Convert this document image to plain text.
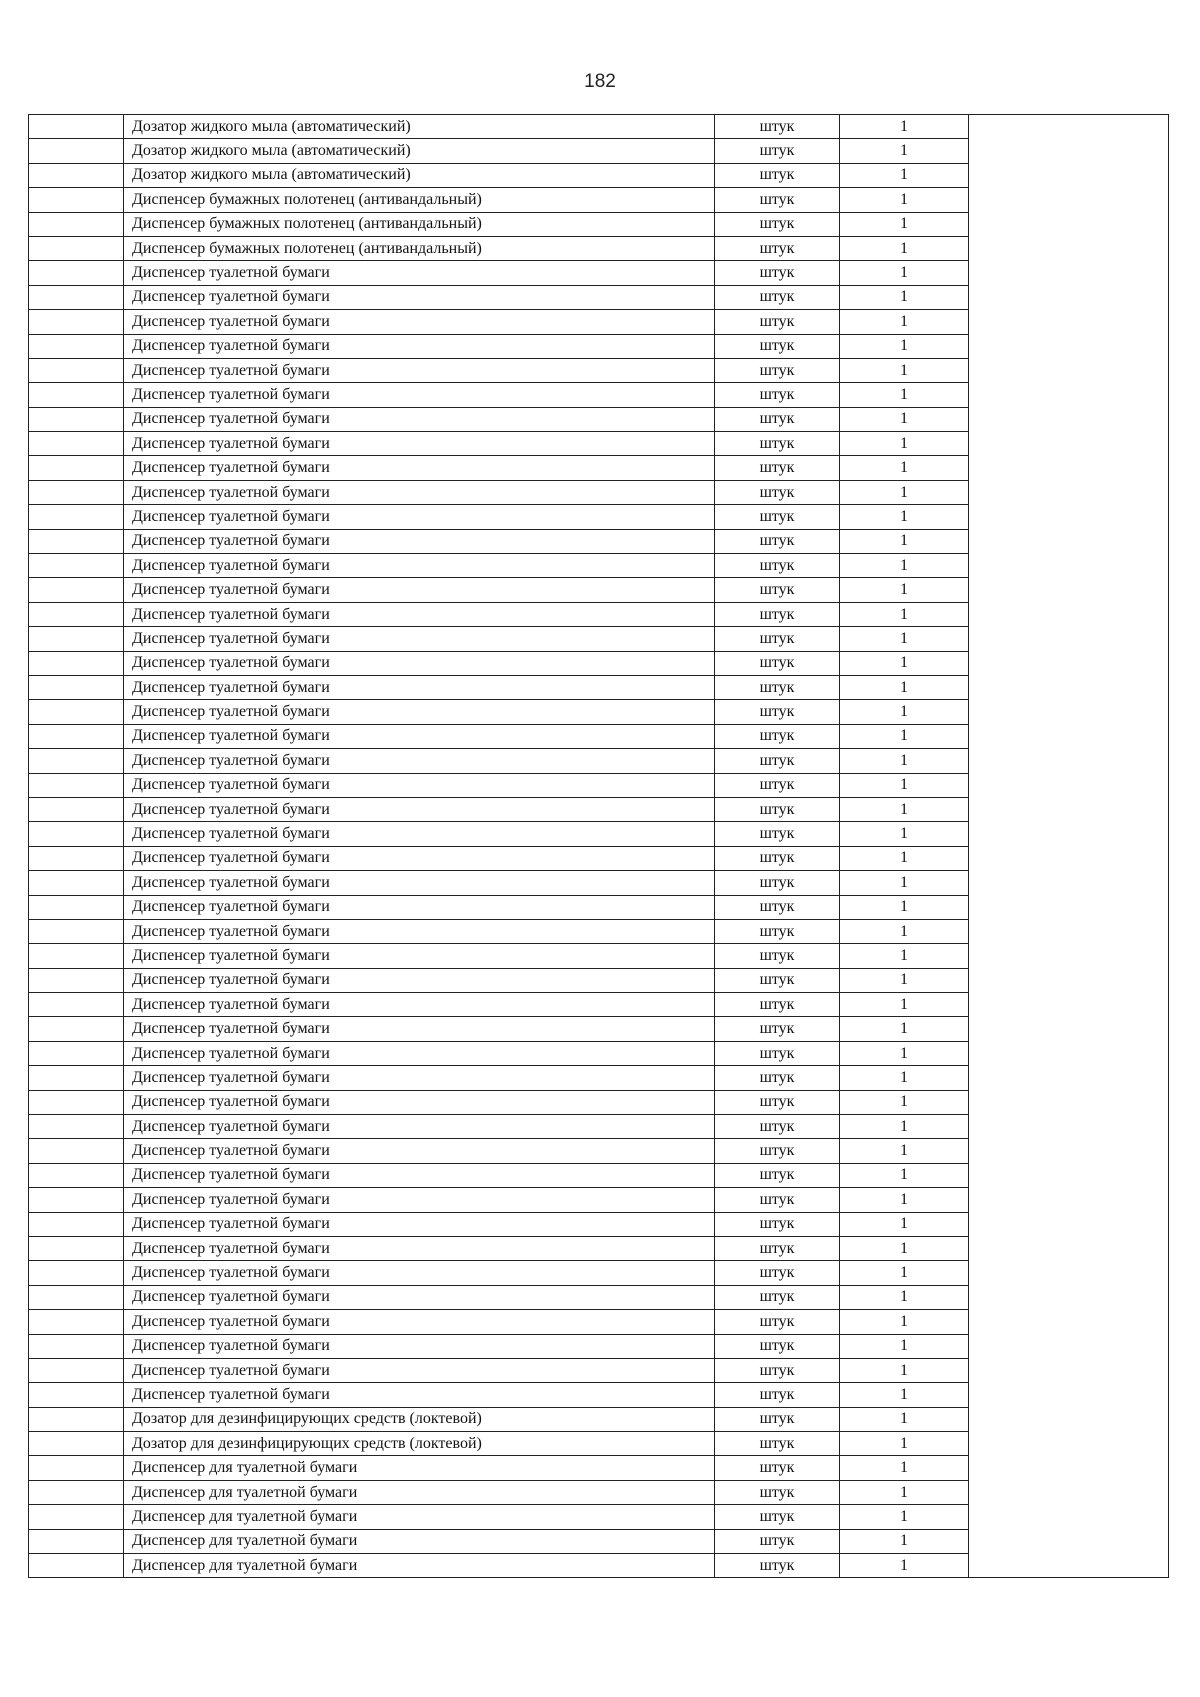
182
	Дозатор жидкого мыла (автоматический)	штук	1	
	Дозатор жидкого мыла (автоматический)	штук	1	
	Дозатор жидкого мыла (автоматический)	штук	1	
	Диспенсер бумажных полотенец (антивандальный)	штук	1	
	Диспенсер бумажных полотенец (антивандальный)	штук	1	
	Диспенсер бумажных полотенец (антивандальный)	штук	1	
	Диспенсер туалетной бумаги	штук	1	
	Диспенсер туалетной бумаги	штук	1	
	Диспенсер туалетной бумаги	штук	1	
	Диспенсер туалетной бумаги	штук	1	
	Диспенсер туалетной бумаги	штук	1	
	Диспенсер туалетной бумаги	штук	1	
	Диспенсер туалетной бумаги	штук	1	
	Диспенсер туалетной бумаги	штук	1	
	Диспенсер туалетной бумаги	штук	1	
	Диспенсер туалетной бумаги	штук	1	
	Диспенсер туалетной бумаги	штук	1	
	Диспенсер туалетной бумаги	штук	1	
	Диспенсер туалетной бумаги	штук	1	
	Диспенсер туалетной бумаги	штук	1	
	Диспенсер туалетной бумаги	штук	1	
	Диспенсер туалетной бумаги	штук	1	
	Диспенсер туалетной бумаги	штук	1	
	Диспенсер туалетной бумаги	штук	1	
	Диспенсер туалетной бумаги	штук	1	
	Диспенсер туалетной бумаги	штук	1	
	Диспенсер туалетной бумаги	штук	1	
	Диспенсер туалетной бумаги	штук	1	
	Диспенсер туалетной бумаги	штук	1	
	Диспенсер туалетной бумаги	штук	1	
	Диспенсер туалетной бумаги	штук	1	
	Диспенсер туалетной бумаги	штук	1	
	Диспенсер туалетной бумаги	штук	1	
	Диспенсер туалетной бумаги	штук	1	
	Диспенсер туалетной бумаги	штук	1	
	Диспенсер туалетной бумаги	штук	1	
	Диспенсер туалетной бумаги	штук	1	
	Диспенсер туалетной бумаги	штук	1	
	Диспенсер туалетной бумаги	штук	1	
	Диспенсер туалетной бумаги	штук	1	
	Диспенсер туалетной бумаги	штук	1	
	Диспенсер туалетной бумаги	штук	1	
	Диспенсер туалетной бумаги	штук	1	
	Диспенсер туалетной бумаги	штук	1	
	Диспенсер туалетной бумаги	штук	1	
	Диспенсер туалетной бумаги	штук	1	
	Диспенсер туалетной бумаги	штук	1	
	Диспенсер туалетной бумаги	штук	1	
	Диспенсер туалетной бумаги	штук	1	
	Диспенсер туалетной бумаги	штук	1	
	Диспенсер туалетной бумаги	штук	1	
	Диспенсер туалетной бумаги	штук	1	
	Диспенсер туалетной бумаги	штук	1	
	Дозатор для дезинфицирующих средств (локтевой)	штук	1	
	Дозатор для дезинфицирующих средств (локтевой)	штук	1	
	Диспенсер для туалетной бумаги	штук	1	
	Диспенсер для туалетной бумаги	штук	1	
	Диспенсер для туалетной бумаги	штук	1	
	Диспенсер для туалетной бумаги	штук	1	
	Диспенсер для туалетной бумаги	штук	1	
